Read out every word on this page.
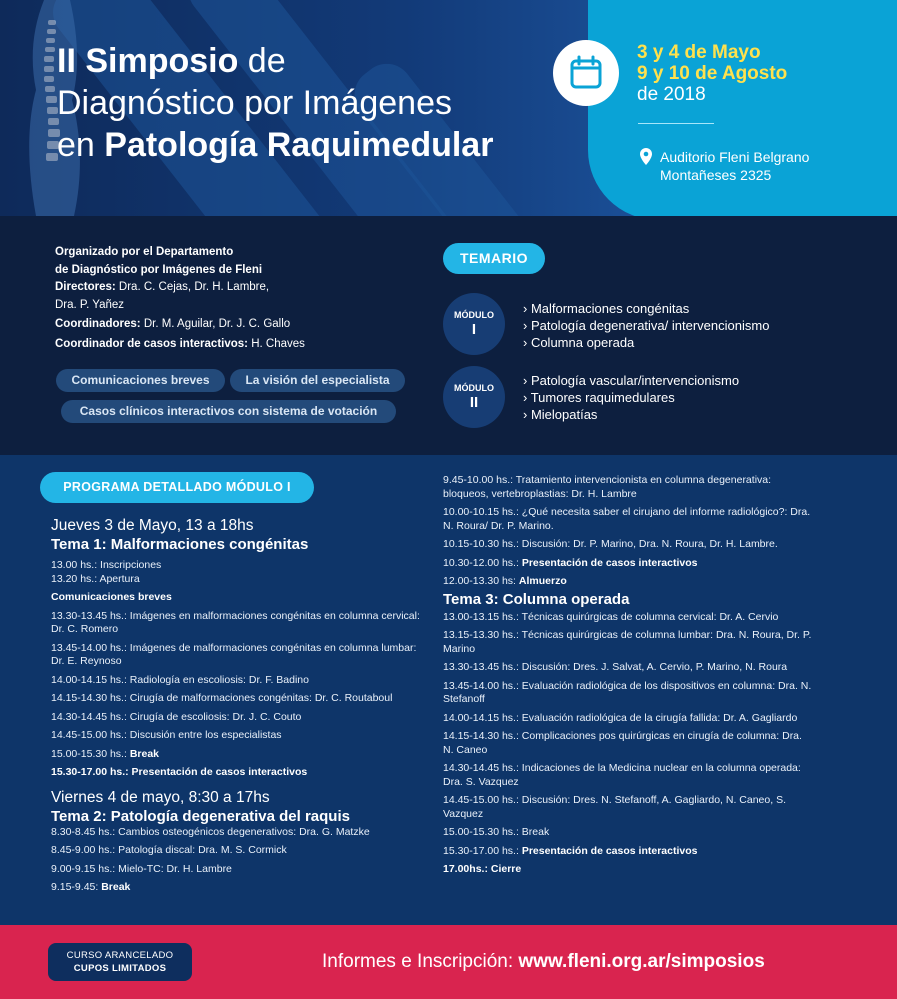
II Simposio de
Diagnóstico por Imágenes
en Patología Raquimedular
3 y 4 de Mayo
9 y 10 de Agosto
de 2018
Auditorio Fleni Belgrano
Montañeses 2325
Organizado por el Departamento
de Diagnóstico por Imágenes de Fleni
Directores: Dra. C. Cejas, Dr. H. Lambre,
Dra. P. Yañez
Coordinadores: Dr. M. Aguilar, Dr. J. C. Gallo
Coordinador de casos interactivos: H. Chaves
Comunicaciones breves	La visión del especialista
Casos clínicos interactivos con sistema de votación
TEMARIO
MÓDULO
I
› Malformaciones congénitas
› Patología degenerativa/ intervencionismo
› Columna operada
MÓDULO
II
› Patología vascular/intervencionismo
› Tumores raquimedulares
› Mielopatías
PROGRAMA DETALLADO MÓDULO I
Jueves 3 de Mayo, 13 a 18hs
Tema 1: Malformaciones congénitas
13.00 hs.: Inscripciones
13.20 hs.: Apertura
Comunicaciones breves
13.30-13.45 hs.: Imágenes en malformaciones congénitas en columna cervical: Dr. C. Romero
13.45-14.00 hs.: Imágenes de malformaciones congénitas en columna lumbar: Dr. E. Reynoso
14.00-14.15 hs.: Radiología en escoliosis: Dr. F. Badino
14.15-14.30 hs.: Cirugía de malformaciones congénitas: Dr. C. Routaboul
14.30-14.45 hs.: Cirugía de escoliosis: Dr. J. C. Couto
14.45-15.00 hs.: Discusión entre los especialistas
15.00-15.30 hs.: Break
15.30-17.00 hs.: Presentación de casos interactivos
Viernes 4 de mayo, 8:30 a 17hs
Tema 2: Patología degenerativa del raquis
8.30-8.45 hs.: Cambios osteogénicos degenerativos: Dra. G. Matzke
8.45-9.00 hs.: Patología discal: Dra. M. S. Cormick
9.00-9.15 hs.: Mielo-TC: Dr. H. Lambre
9.15-9.45: Break
9.45-10.00 hs.: Tratamiento intervencionista en columna degenerativa: bloqueos, vertebroplastias: Dr. H. Lambre
10.00-10.15 hs.: ¿Qué necesita saber el cirujano del informe radiológico?: Dra. N. Roura/ Dr. P. Marino.
10.15-10.30 hs.: Discusión: Dr. P. Marino, Dra. N. Roura, Dr. H. Lambre.
10.30-12.00 hs.: Presentación de casos interactivos
12.00-13.30 hs: Almuerzo
Tema 3: Columna operada
13.00-13.15 hs.: Técnicas quirúrgicas de columna cervical: Dr. A. Cervio
13.15-13.30 hs.: Técnicas quirúrgicas de columna lumbar: Dra. N. Roura, Dr. P. Marino
13.30-13.45 hs.: Discusión: Dres. J. Salvat, A. Cervio, P. Marino, N. Roura
13.45-14.00 hs.: Evaluación radiológica de los dispositivos en columna: Dra. N. Stefanoff
14.00-14.15 hs.: Evaluación radiológica de la cirugía fallida: Dr. A. Gagliardo
14.15-14.30 hs.: Complicaciones pos quirúrgicas en cirugía de columna: Dra. N. Caneo
14.30-14.45 hs.: Indicaciones de la Medicina nuclear en la columna operada: Dra. S. Vazquez
14.45-15.00 hs.: Discusión: Dres. N. Stefanoff, A. Gagliardo, N. Caneo, S. Vazquez
15.00-15.30 hs.: Break
15.30-17.00 hs.: Presentación de casos interactivos
17.00hs.: Cierre
CURSO ARANCELADO
CUPOS LIMITADOS	Informes e Inscripción: www.fleni.org.ar/simposios
